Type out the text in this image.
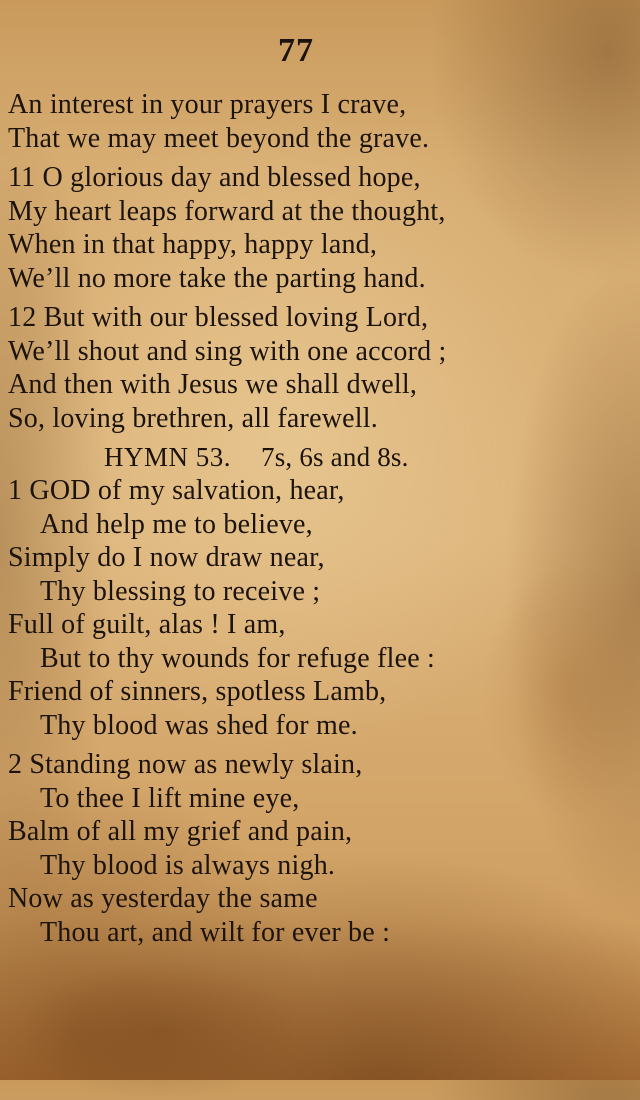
77
An interest in your prayers I crave,
That we may meet beyond the grave.
11 O glorious day and blessed hope,
My heart leaps forward at the thought,
When in that happy, happy land,
We’ll no more take the parting hand.
12 But with our blessed loving Lord,
We’ll shout and sing with one accord ;
And then with Jesus we shall dwell,
So, loving brethren, all farewell.
HYMN 53. 7s, 6s and 8s.
1 GOD of my salvation, hear,
And help me to believe,
Simply do I now draw near,
Thy blessing to receive ;
Full of guilt, alas ! I am,
But to thy wounds for refuge flee :
Friend of sinners, spotless Lamb,
Thy blood was shed for me.
2 Standing now as newly slain,
To thee I lift mine eye,
Balm of all my grief and pain,
Thy blood is always nigh.
Now as yesterday the same
Thou art, and wilt for ever be :
